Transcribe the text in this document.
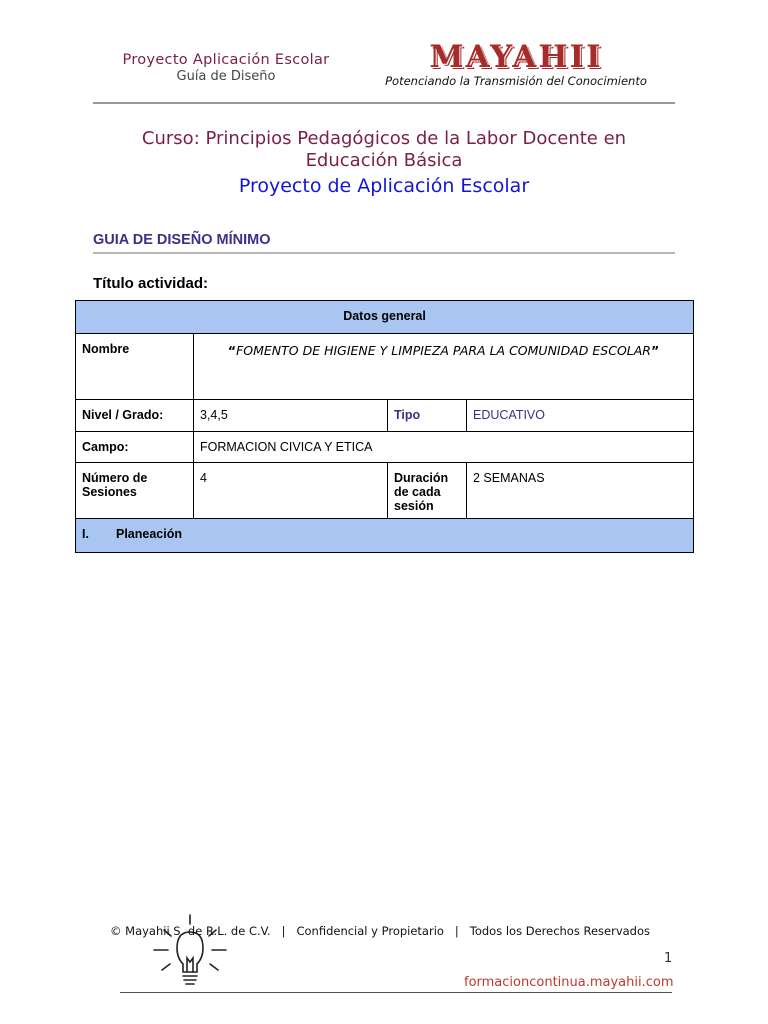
Proyecto Aplicación Escolar
Guía de Diseño
MAYAHII
Potenciando la Transmisión del Conocimiento
Curso: Principios Pedagógicos de la Labor Docente en Educación Básica
Proyecto de Aplicación Escolar
GUIA DE DISEÑO MÍNIMO
Título actividad:
Datos general			
Nombre	“FOMENTO DE HIGIENE Y LIMPIEZA PARA LA COMUNIDAD ESCOLAR”		
Nivel / Grado:	3,4,5	Tipo	EDUCATIVO
Campo:	FORMACION CIVICA Y ETICA		
Número de Sesiones	4	Duración de cada sesión	2 SEMANAS
I. Planeación			
© Mayahii S. de R.L. de C.V.   |   Confidencial y Propietario   |   Todos los Derechos Reservados
1
formacioncontinua.mayahii.com
